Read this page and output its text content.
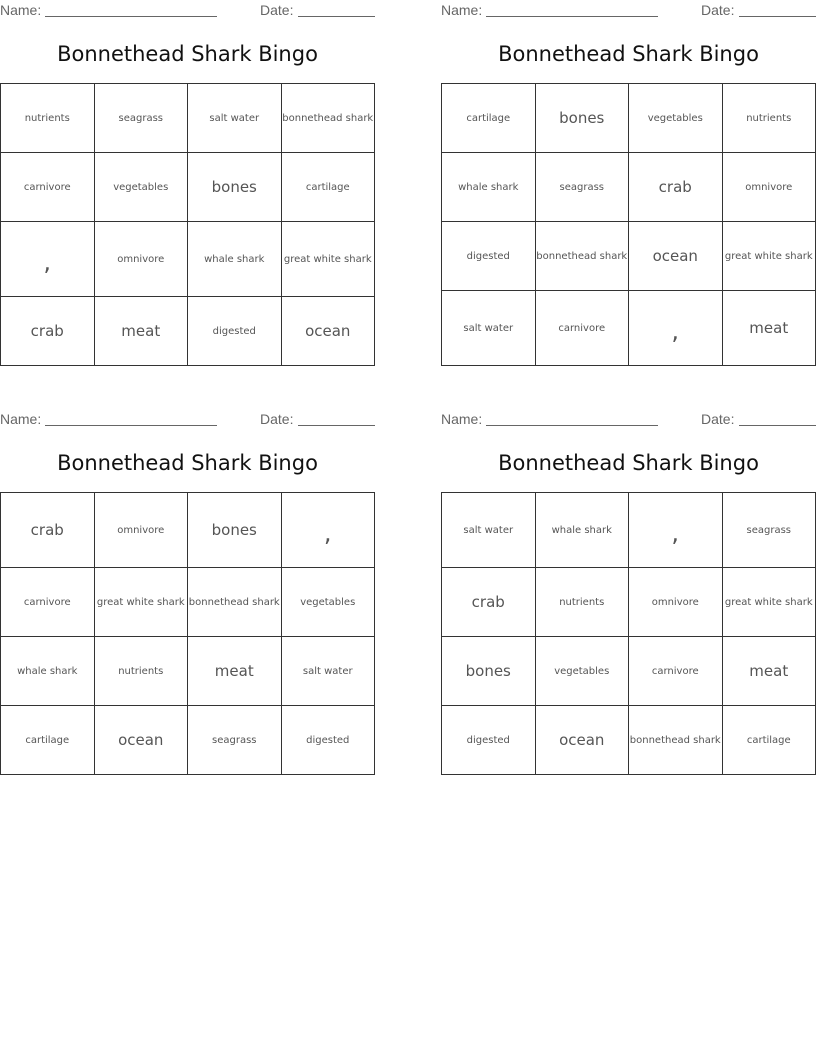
Name:	Date:
Bonnethead Shark Bingo
nutrients	seagrass	salt water	bonnethead shark
carnivore	vegetables	bones	cartilage
,	omnivore	whale shark	great white shark
crab	meat	digested	ocean
Name:	Date:
Bonnethead Shark Bingo
cartilage	bones	vegetables	nutrients
whale shark	seagrass	crab	omnivore
digested	bonnethead shark	ocean	great white shark
salt water	carnivore	,	meat
Name:	Date:
Bonnethead Shark Bingo
crab	omnivore	bones	,
carnivore	great white shark	bonnethead shark	vegetables
whale shark	nutrients	meat	salt water
cartilage	ocean	seagrass	digested
Name:	Date:
Bonnethead Shark Bingo
salt water	whale shark	,	seagrass
crab	nutrients	omnivore	great white shark
bones	vegetables	carnivore	meat
digested	ocean	bonnethead shark	cartilage
